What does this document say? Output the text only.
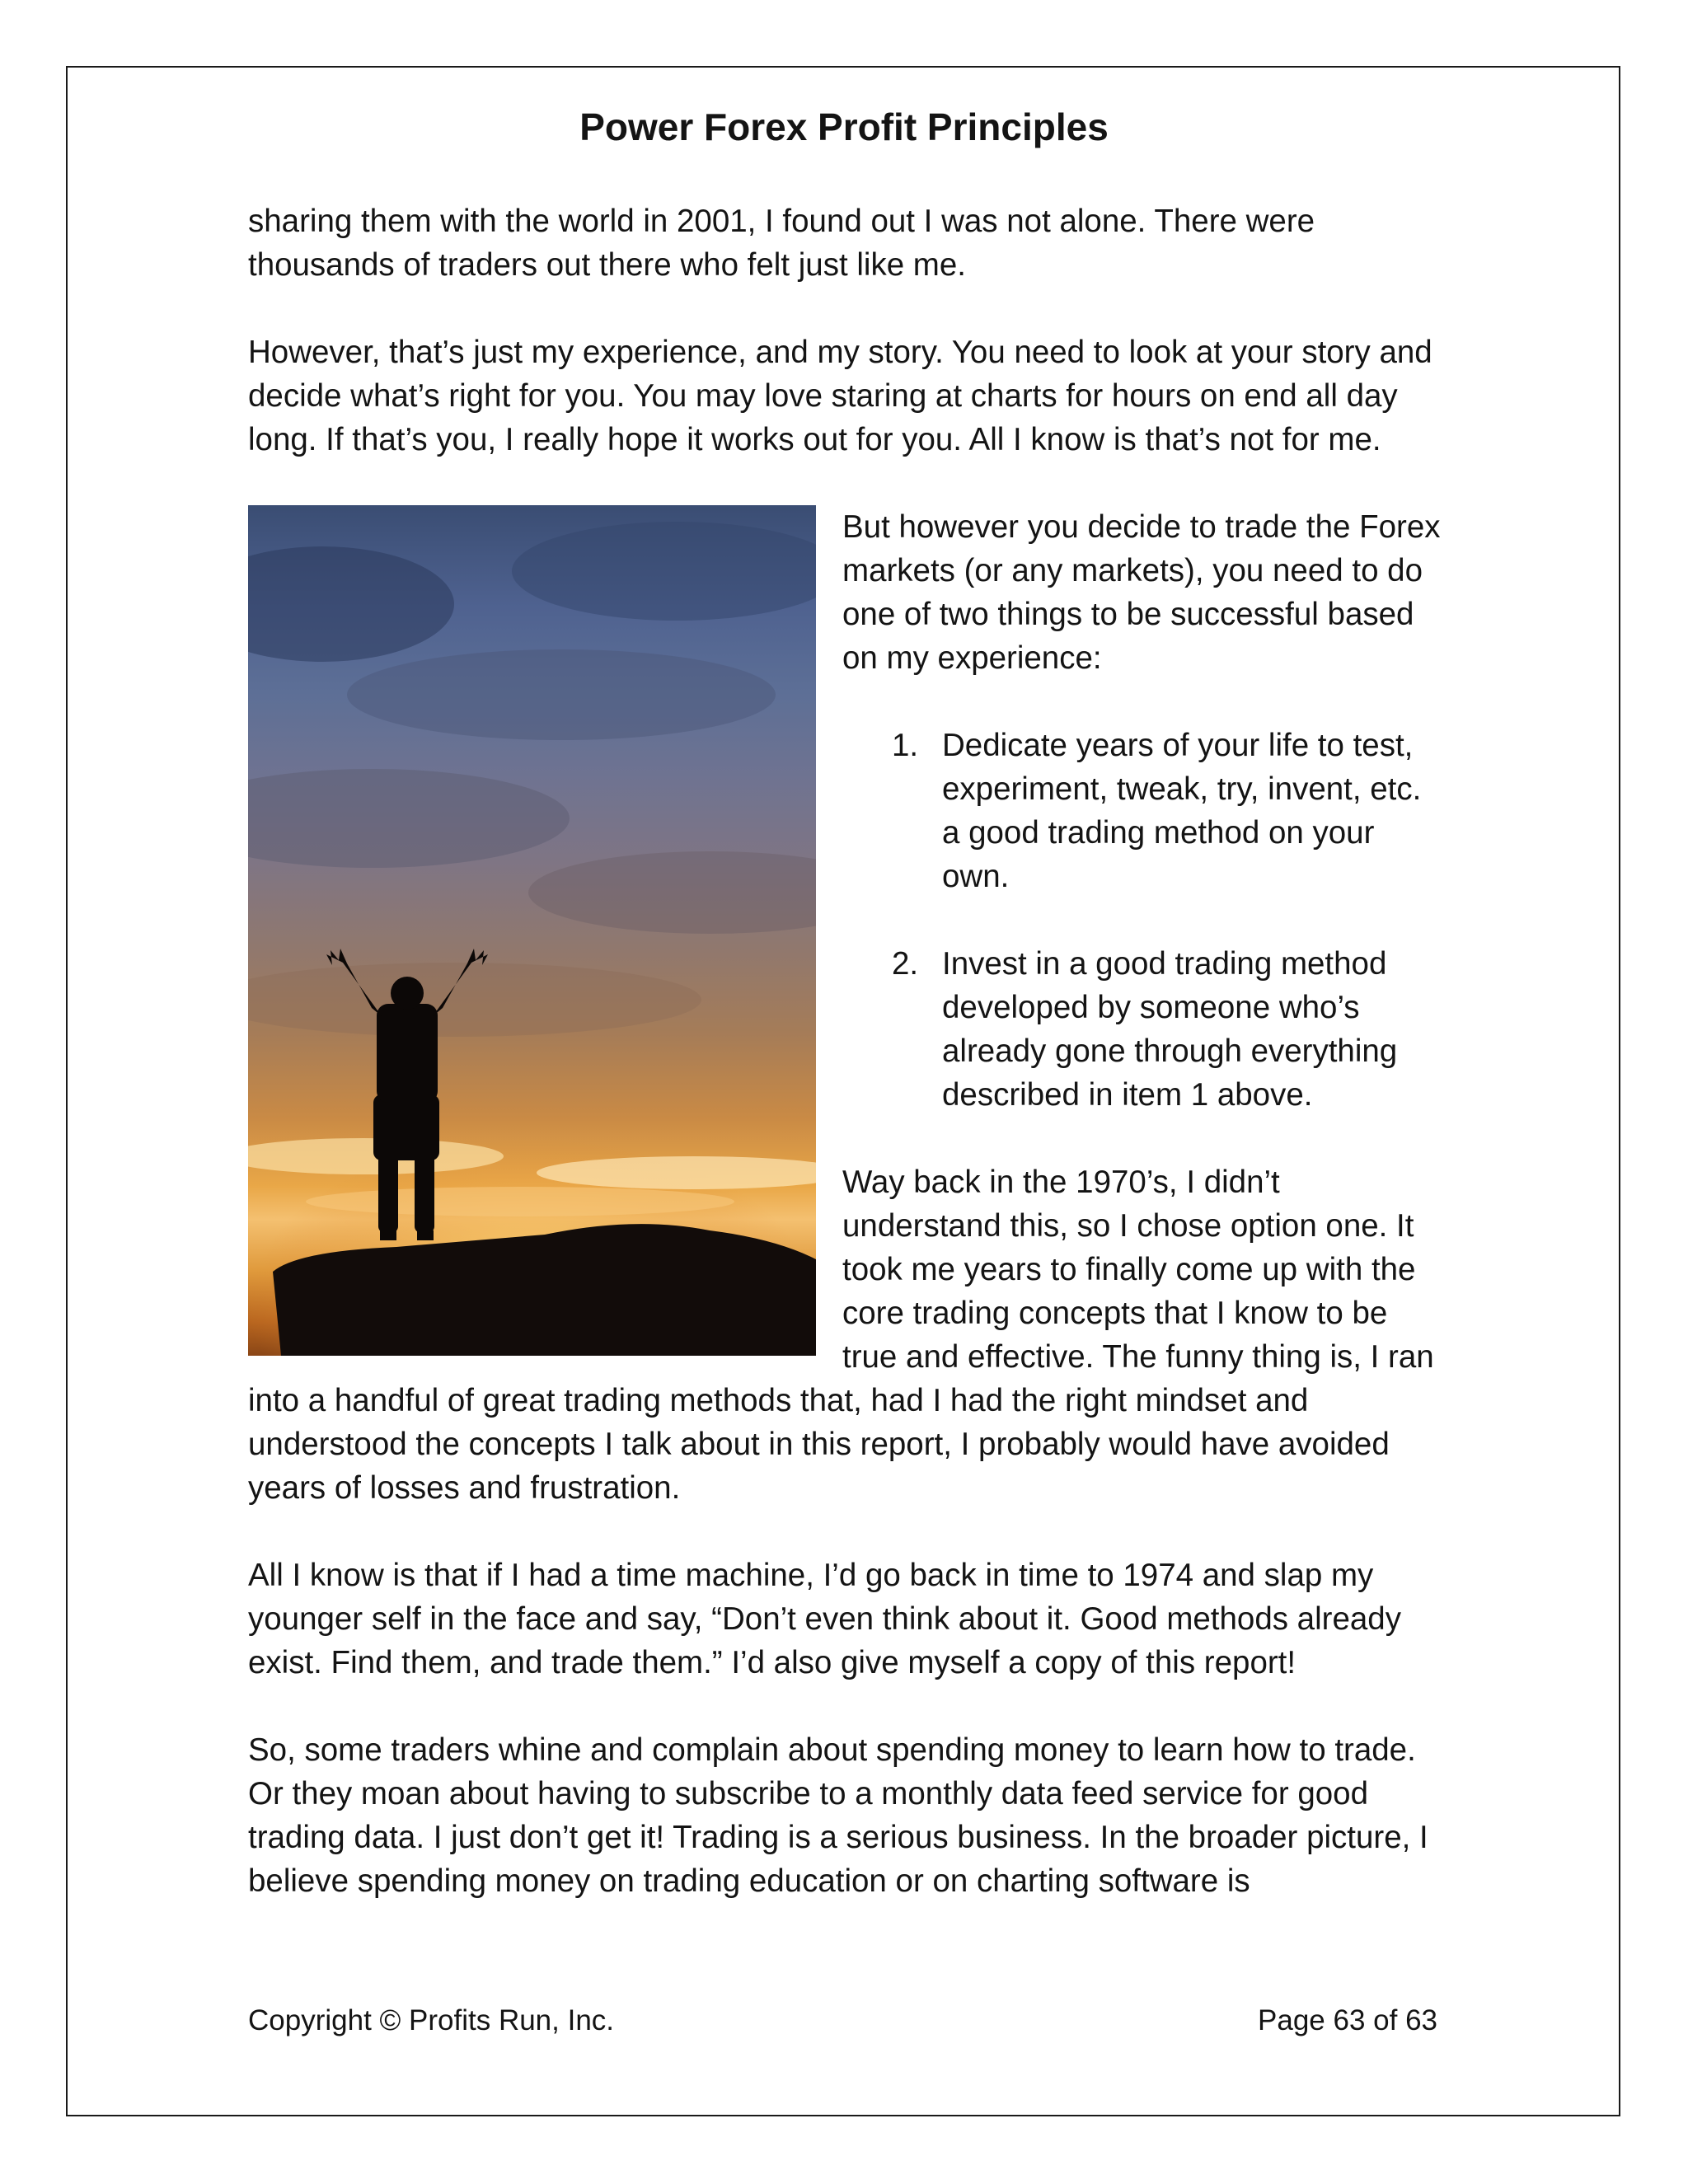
Power Forex Profit Principles

sharing them with the world in 2001, I found out I was not alone. There were thousands of traders out there who felt just like me.

However, that’s just my experience, and my story. You need to look at your story and decide what’s right for you. You may love staring at charts for hours on end all day long. If that’s you, I really hope it works out for you. All I know is that’s not for me.

But however you decide to trade the Forex markets (or any markets), you need to do one of two things to be successful based on my experience:

1. Dedicate years of your life to test, experiment, tweak, try, invent, etc. a good trading method on your own.
2. Invest in a good trading method developed by someone who’s already gone through everything described in item 1 above.

Way back in the 1970’s, I didn’t understand this, so I chose option one. It took me years to finally come up with the core trading concepts that I know to be true and effective. The funny thing is, I ran into a handful of great trading methods that, had I had the right mindset and understood the concepts I talk about in this report, I probably would have avoided years of losses and frustration.

All I know is that if I had a time machine, I’d go back in time to 1974 and slap my younger self in the face and say, “Don’t even think about it. Good methods already exist. Find them, and trade them.” I’d also give myself a copy of this report!

So, some traders whine and complain about spending money to learn how to trade. Or they moan about having to subscribe to a monthly data feed service for good trading data. I just don’t get it! Trading is a serious business. In the broader picture, I believe spending money on trading education or on charting software is

Copyright © Profits Run, Inc.	Page 63 of 63
